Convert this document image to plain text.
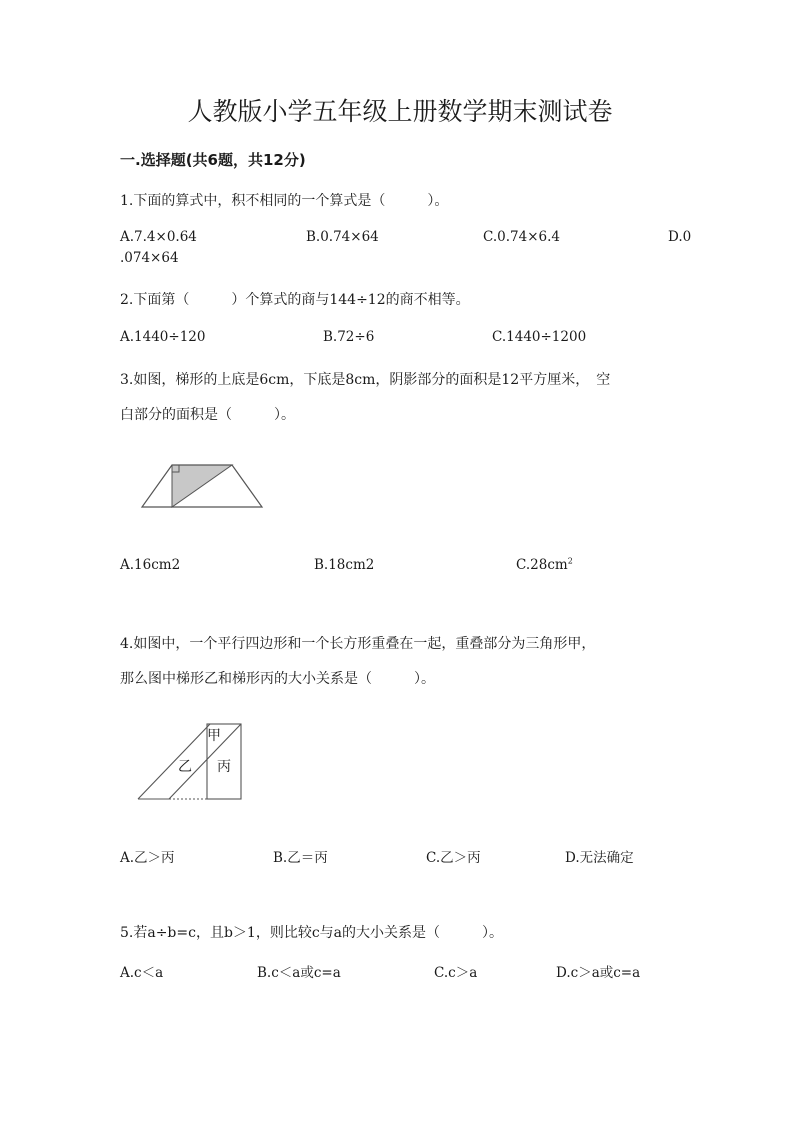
人教版小学五年级上册数学期末测试卷
一.选择题(共6题，共12分)
1.下面的算式中，积不相同的一个算式是（　　　）。
A.7.4×0.64	B.0.74×64	C.0.74×6.4	D.0
.074×64
2.下面第（　　　）个算式的商与144÷12的商不相等。
A.1440÷120	B.72÷6	C.1440÷1200
3.如图，梯形的上底是6cm，下底是8cm，阴影部分的面积是12平方厘米，　空
白部分的面积是（　　　）。
A.16cm2	B.18cm2	$C.28cm^2$
4.如图中，一个平行四边形和一个长方形重叠在一起，重叠部分为三角形甲，
那么图中梯形乙和梯形丙的大小关系是（　　　）。
甲
乙 丙
A.乙＞丙	B.乙＝丙	C.乙＞丙	D.无法确定
5.若a÷b=c，且b＞1，则比较c与a的大小关系是（　　　）。
A.c＜a	B.c＜a或c=a	C.c＞a	D.c＞a或c=a
